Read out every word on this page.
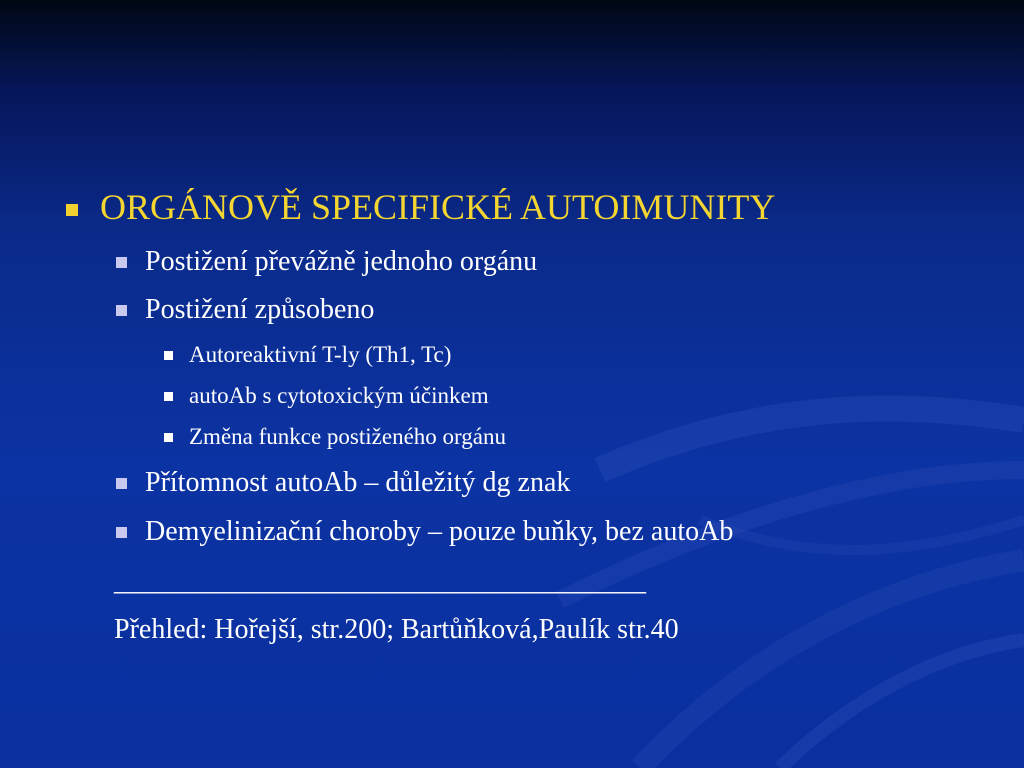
ORGÁNOVĚ SPECIFICKÉ AUTOIMUNITY
Postižení převážně jednoho orgánu
Postižení způsobeno
Autoreaktivní T-ly (Th1, Tc)
autoAb s cytotoxickým účinkem
Změna funkce postiženého orgánu
Přítomnost autoAb – důležitý dg znak
Demyelinizační choroby – pouze buňky, bez autoAb
______________________________________
Přehled: Hořejší, str.200; Bartůňková,Paulík str.40
